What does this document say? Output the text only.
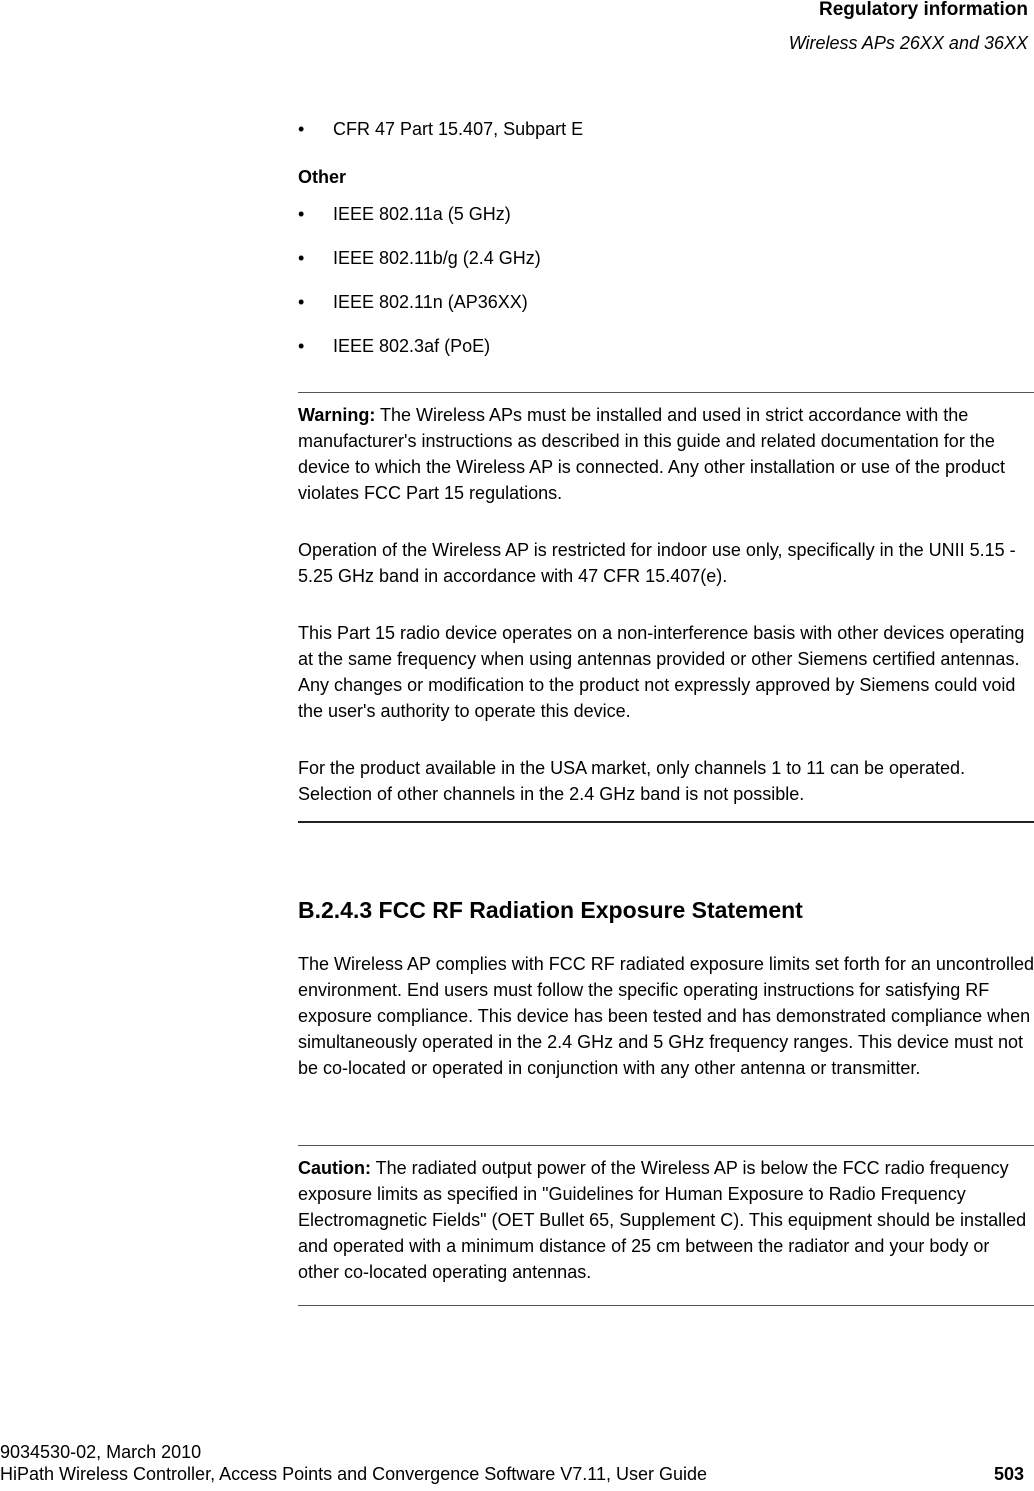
Regulatory information
Wireless APs 26XX and 36XX
•	CFR 47 Part 15.407, Subpart E
Other
•	IEEE 802.11a (5 GHz)
•	IEEE 802.11b/g (2.4 GHz)
•	IEEE 802.11n (AP36XX)
•	IEEE 802.3af (PoE)

Warning: The Wireless APs must be installed and used in strict accordance with the manufacturer's instructions as described in this guide and related documentation for the device to which the Wireless AP is connected. Any other installation or use of the product violates FCC Part 15 regulations.

Operation of the Wireless AP is restricted for indoor use only, specifically in the UNII 5.15 - 5.25 GHz band in accordance with 47 CFR 15.407(e).

This Part 15 radio device operates on a non-interference basis with other devices operating at the same frequency when using antennas provided or other Siemens certified antennas. Any changes or modification to the product not expressly approved by Siemens could void the user's authority to operate this device.

For the product available in the USA market, only channels 1 to 11 can be operated. Selection of other channels in the 2.4 GHz band is not possible.

B.2.4.3 FCC RF Radiation Exposure Statement

The Wireless AP complies with FCC RF radiated exposure limits set forth for an uncontrolled environment. End users must follow the specific operating instructions for satisfying RF exposure compliance. This device has been tested and has demonstrated compliance when simultaneously operated in the 2.4 GHz and 5 GHz frequency ranges. This device must not be co-located or operated in conjunction with any other antenna or transmitter.

Caution: The radiated output power of the Wireless AP is below the FCC radio frequency exposure limits as specified in "Guidelines for Human Exposure to Radio Frequency Electromagnetic Fields" (OET Bullet 65, Supplement C). This equipment should be installed and operated with a minimum distance of 25 cm between the radiator and your body or other co-located operating antennas.

9034530-02, March 2010
HiPath Wireless Controller, Access Points and Convergence Software V7.11, User Guide	503
